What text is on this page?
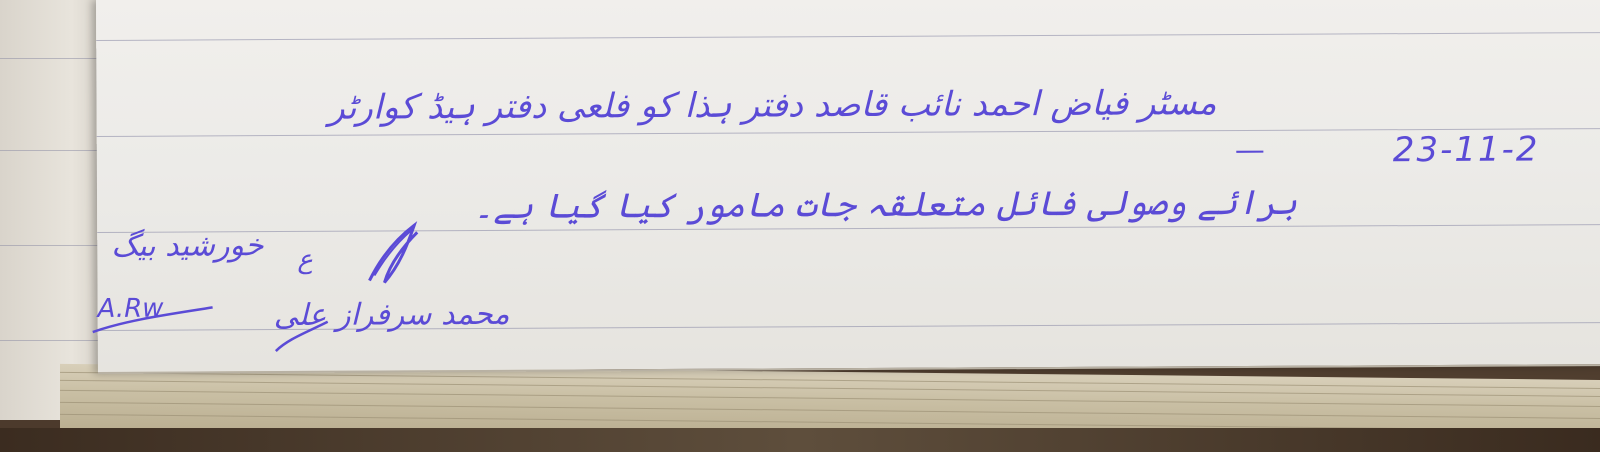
23-11-2
مسٹر فیاض احمد نائب قاصد دفتر ہذا کو فلعی دفتر ہیڈ کوارٹر
—
برائے وصولی فائل متعلقہ جات مامور کیا گیا ہے۔
خورشید بیگ
A.Rw
ع
محمد سرفراز علی
